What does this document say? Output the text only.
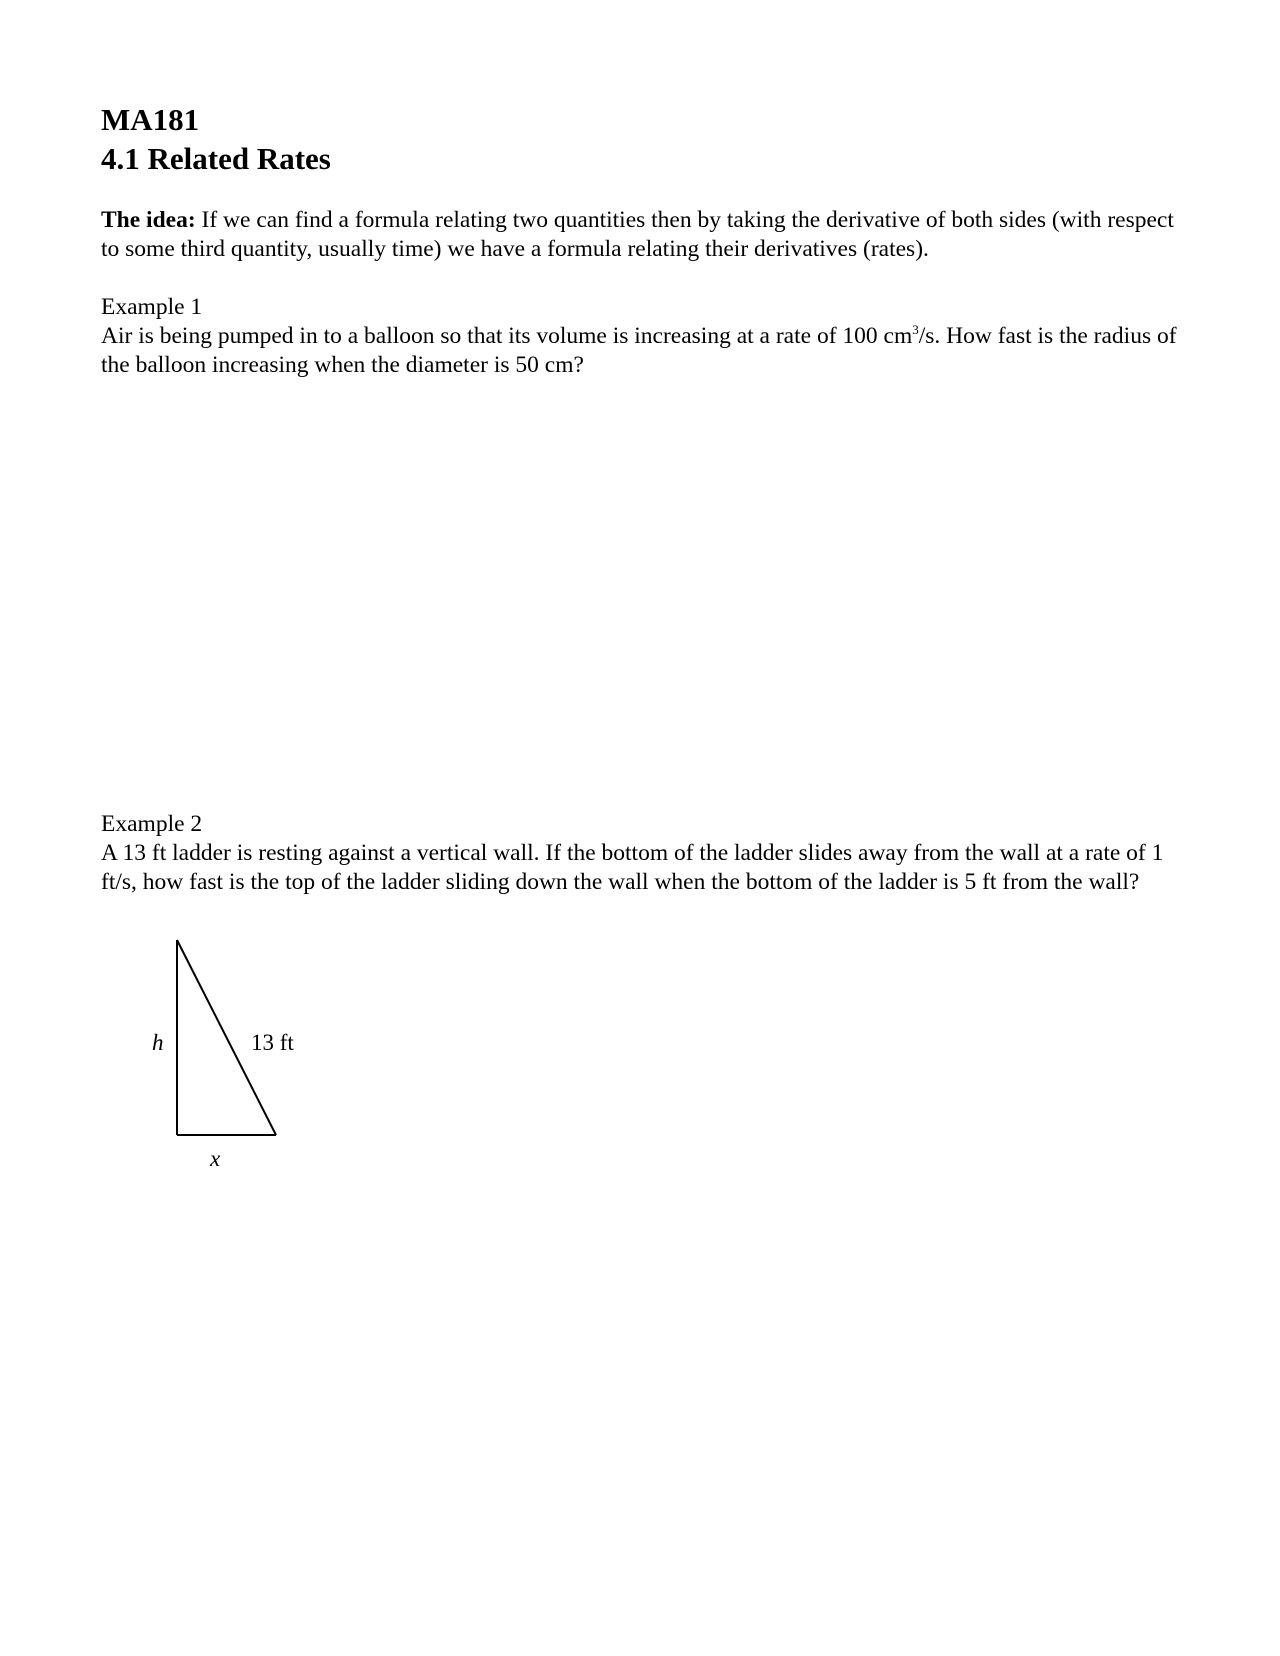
MA181
4.1 Related Rates

The idea: If we can find a formula relating two quantities then by taking the derivative of both sides (with respect to some third quantity, usually time) we have a formula relating their derivatives (rates).

Example 1

Air is being pumped in to a balloon so that its volume is increasing at a rate of 100 $cm^3/s$. How fast is the radius of the balloon increasing when the diameter is 50 cm?

Example 2

A 13 ft ladder is resting against a vertical wall. If the bottom of the ladder slides away from the wall at a rate of 1 ft/s, how fast is the top of the ladder sliding down the wall when the bottom of the ladder is 5 ft from the wall?

h	13 ft

x
